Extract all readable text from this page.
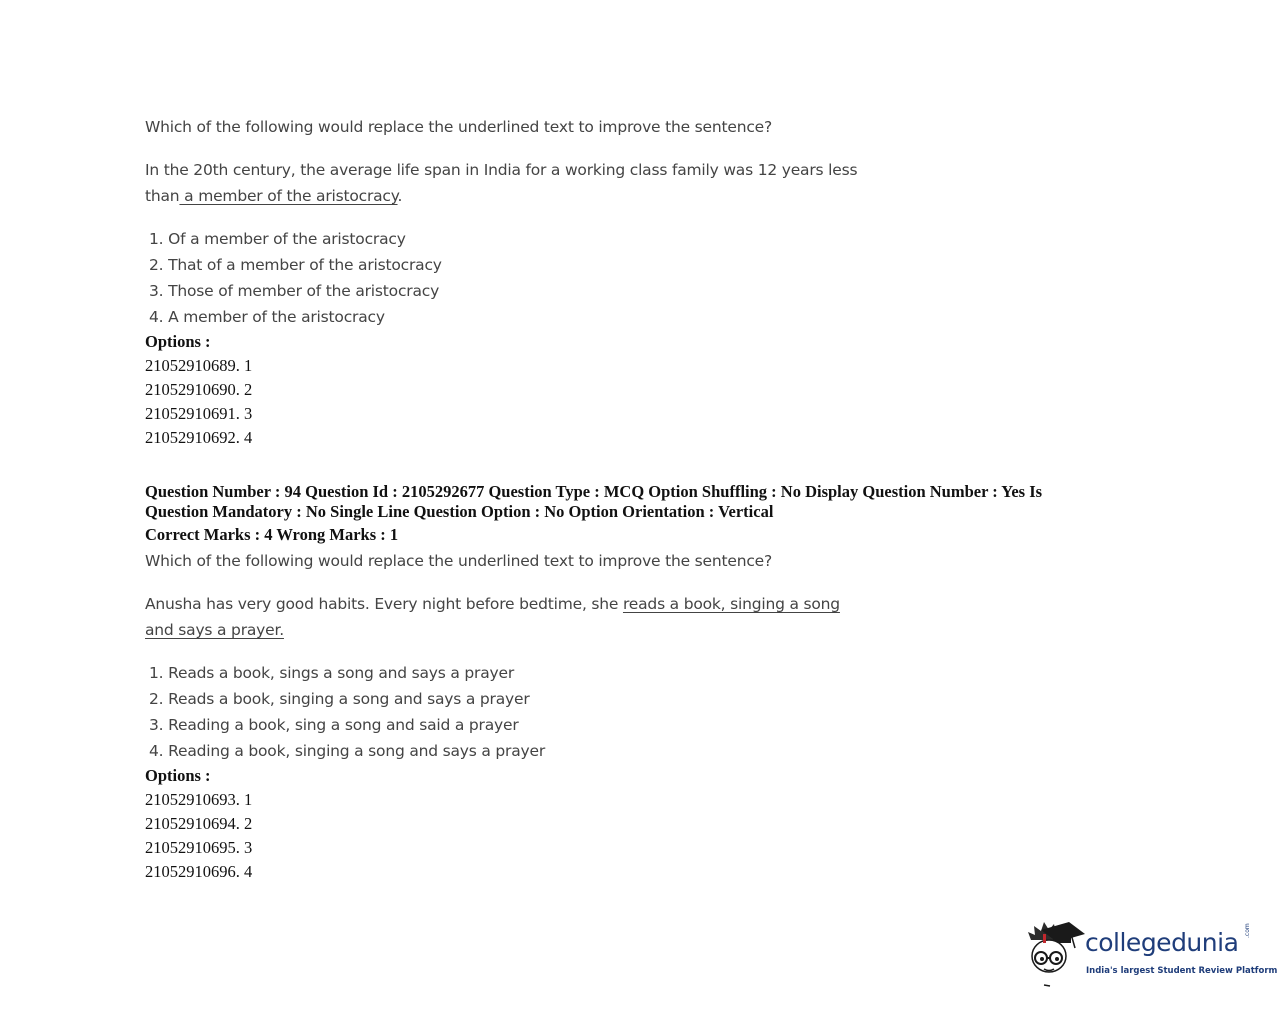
Which of the following would replace the underlined text to improve the sentence?

In the 20th century, the average life span in India for a working class family was 12 years less
than a member of the aristocracy.

1. Of a member of the aristocracy
2. That of a member of the aristocracy
3. Those of member of the aristocracy
4. A member of the aristocracy
Options :
21052910689. 1
21052910690. 2
21052910691. 3
21052910692. 4
Question Number : 94 Question Id : 2105292677 Question Type : MCQ Option Shuffling : No Display Question Number : Yes Is
Question Mandatory : No Single Line Question Option : No Option Orientation : Vertical
Correct Marks : 4 Wrong Marks : 1

Which of the following would replace the underlined text to improve the sentence?

Anusha has very good habits. Every night before bedtime, she reads a book, singing a song
and says a prayer.

1. Reads a book, sings a song and says a prayer
2. Reads a book, singing a song and says a prayer
3. Reading a book, sing a song and said a prayer
4. Reading a book, singing a song and says a prayer
Options :
21052910693. 1
21052910694. 2
21052910695. 3
21052910696. 4
collegedunia .com
India's largest Student Review Platform
